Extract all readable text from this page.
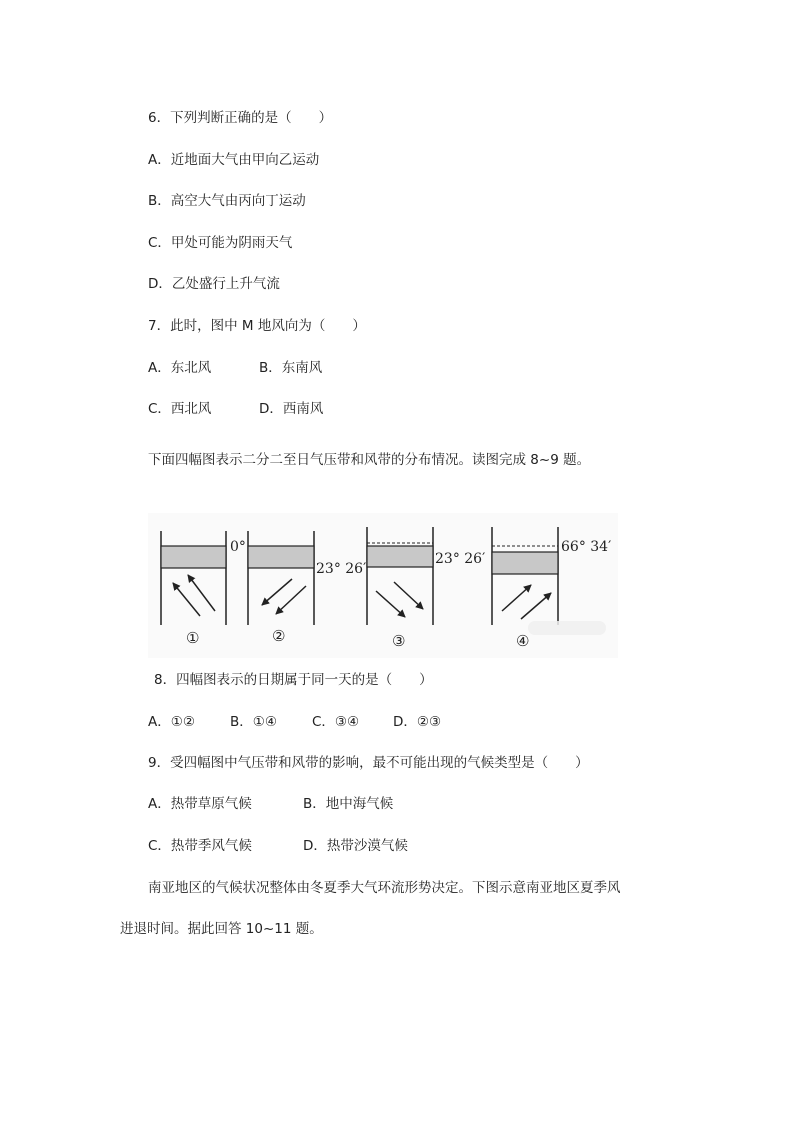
6．下列判断正确的是（　　）
A．近地面大气由甲向乙运动
B．高空大气由丙向丁运动
C．甲处可能为阴雨天气
D．乙处盛行上升气流
7．此时，图中 M 地风向为（　　）
A．东北风	B．东南风
C．西北风	D．西南风
下面四幅图表示二分二至日气压带和风带的分布情况。读图完成 8~9 题。
0°
①
23° 26′
②
23° 26′
③
66° 34′
④
8．四幅图表示的日期属于同一天的是（　　）
A．①②	B．①④	C．③④	D．②③
9．受四幅图中气压带和风带的影响，最不可能出现的气候类型是（　　）
A．热带草原气候	B．地中海气候
C．热带季风气候	D．热带沙漠气候
南亚地区的气候状况整体由冬夏季大气环流形势决定。下图示意南亚地区夏季风
进退时间。据此回答 10~11 题。
